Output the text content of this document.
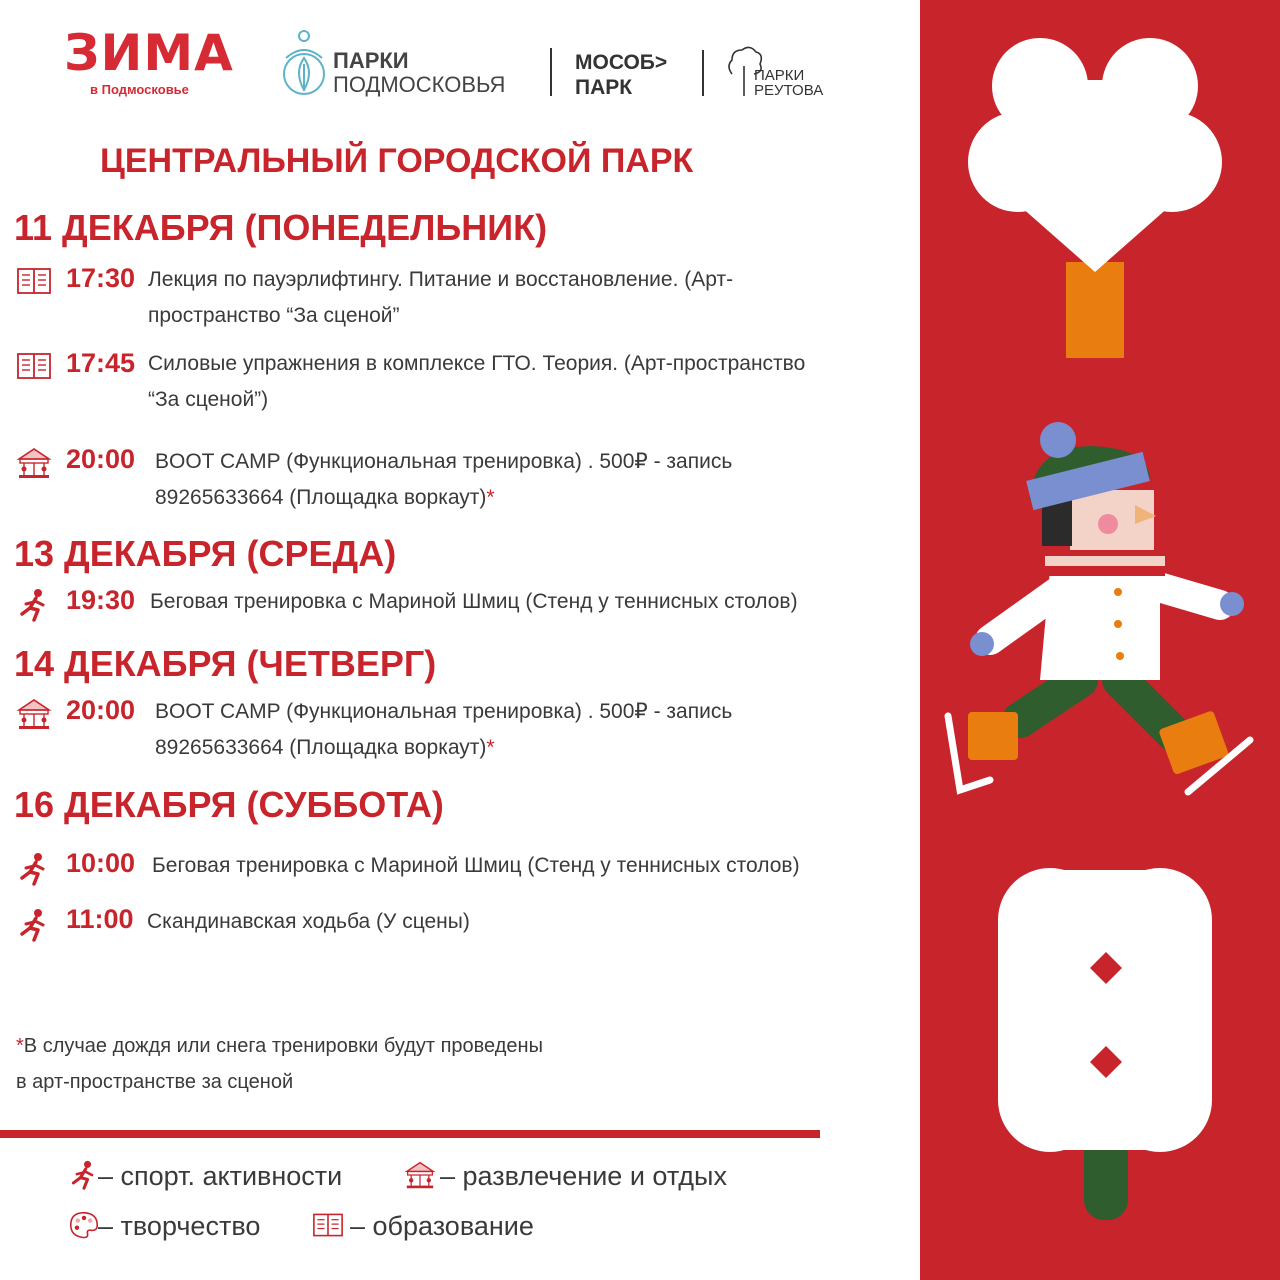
ЗИМА
в Подмосковье
ПАРКИ
ПОДМОСКОВЬЯ
МОСОБ>
ПАРК
ПАРКИ
РЕУТОВА
ЦЕНТРАЛЬНЫЙ ГОРОДСКОЙ ПАРК
11 ДЕКАБРЯ (ПОНЕДЕЛЬНИК)
17:30 Лекция по пауэрлифтингу. Питание и восстановление. (Арт-
пространство “За сценой”
17:45 Силовые упражнения в комплексе ГТО. Теория. (Арт-пространство
“За сценой”)
20:00 BOOT CAMP (Функциональная тренировка) . 500₽ - запись
89265633664 (Площадка воркаут)*
13 ДЕКАБРЯ (СРЕДА)
19:30 Беговая тренировка с Мариной Шмиц (Стенд у теннисных столов)
14 ДЕКАБРЯ (ЧЕТВЕРГ)
20:00 BOOT CAMP (Функциональная тренировка) . 500₽ - запись
89265633664 (Площадка воркаут)*
16 ДЕКАБРЯ (СУББОТА)
10:00 Беговая тренировка с Мариной Шмиц (Стенд у теннисных столов)
11:00 Скандинавская ходьба (У сцены)
*В случае дождя или снега тренировки будут проведены
в арт-пространстве за сценой
– спорт. активности	– развлечение и отдых
– творчество	– образование
